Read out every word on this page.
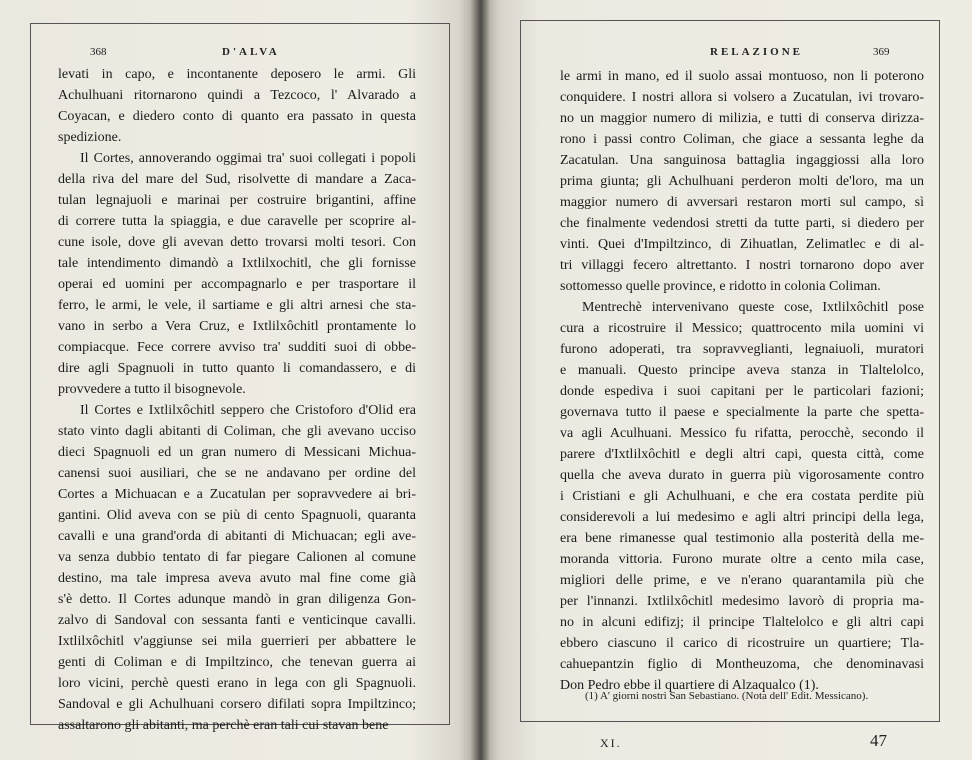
368	D'ALVA
levati in capo, e incontanente deposero le armi. Gli
Achulhuani ritornarono quindi a Tezcoco, l' Alvarado a
Coyacan, e diedero conto di quanto era passato in questa
spedizione.
Il Cortes, annoverando oggimai tra' suoi collegati i popoli
della riva del mare del Sud, risolvette di mandare a Zaca-
tulan legnajuoli e marinai per costruire brigantini, affine
di correre tutta la spiaggia, e due caravelle per scoprire al-
cune isole, dove gli avevan detto trovarsi molti tesori. Con
tale intendimento dimandò a Ixtlilxochitl, che gli fornisse
operai ed uomini per accompagnarlo e per trasportare il
ferro, le armi, le vele, il sartiame e gli altri arnesi che sta-
vano in serbo a Vera Cruz, e Ixtlilxôchitl prontamente lo
compiacque. Fece correre avviso tra' sudditi suoi di obbe-
dire agli Spagnuoli in tutto quanto li comandassero, e di
provvedere a tutto il bisognevole.
Il Cortes e Ixtlilxôchitl seppero che Cristoforo d'Olid era
stato vinto dagli abitanti di Coliman, che gli avevano ucciso
dieci Spagnuoli ed un gran numero di Messicani Michua-
canensi suoi ausiliari, che se ne andavano per ordine del
Cortes a Michuacan e a Zucatulan per sopravvedere ai bri-
gantini. Olid aveva con se più di cento Spagnuoli, quaranta
cavalli e una grand'orda di abitanti di Michuacan; egli ave-
va senza dubbio tentato di far piegare Calionen al comune
destino, ma tale impresa aveva avuto mal fine come già
s'è detto. Il Cortes adunque mandò in gran diligenza Gon-
zalvo di Sandoval con sessanta fanti e venticinque cavalli.
Ixtlilxôchitl v'aggiunse sei mila guerrieri per abbattere le
genti di Coliman e di Impiltzinco, che tenevan guerra ai
loro vicini, perchè questi erano in lega con gli Spagnuoli.
Sandoval e gli Achulhuani corsero difilati sopra Impiltzinco;
assaltarono gli abitanti, ma perchè eran tali cui stavan bene
RELAZIONE	369
le armi in mano, ed il suolo assai montuoso, non li poterono
conquidere. I nostri allora si volsero a Zucatulan, ivi trovaro-
no un maggior numero di milizia, e tutti di conserva dirizza-
rono i passi contro Coliman, che giace a sessanta leghe da
Zacatulan. Una sanguinosa battaglia ingaggiossi alla loro
prima giunta; gli Achulhuani perderon molti de'loro, ma un
maggior numero di avversari restaron morti sul campo, sì
che finalmente vedendosi stretti da tutte parti, si diedero per
vinti. Quei d'Impiltzinco, di Zihuatlan, Zelimatlec e di al-
tri villaggi fecero altrettanto. I nostri tornarono dopo aver
sottomesso quelle province, e ridotto in colonia Coliman.
Mentrechè intervenivano queste cose, Ixtlilxôchitl pose
cura a ricostruire il Messico; quattrocento mila uomini vi
furono adoperati, tra sopravveglianti, legnaiuoli, muratori
e manuali. Questo principe aveva stanza in Tlaltelolco,
donde espediva i suoi capitani per le particolari fazioni;
governava tutto il paese e specialmente la parte che spetta-
va agli Aculhuani. Messico fu rifatta, perocchè, secondo il
parere d'Ixtlilxôchitl e degli altri capi, questa città, come
quella che aveva durato in guerra più vigorosamente contro
i Cristiani e gli Achulhuani, e che era costata perdite più
considerevoli a lui medesimo e agli altri principi della lega,
era bene rimanesse qual testimonio alla posterità della me-
moranda vittoria. Furono murate oltre a cento mila case,
migliori delle prime, e ve n'erano quarantamila più che
per l'innanzi. Ixtlilxôchitl medesimo lavorò di propria ma-
no in alcuni edifizj; il principe Tlaltelolco e gli altri capi
ebbero ciascuno il carico di ricostruire un quartiere; Tla-
cahuepantzin figlio di Montheuzoma, che denominavasi
Don Pedro ebbe il quartiere di Alzaqualco (1).
(1) A' giorni nostri San Sebastiano. (Nota dell' Edit. Messicano).
XI.	47
